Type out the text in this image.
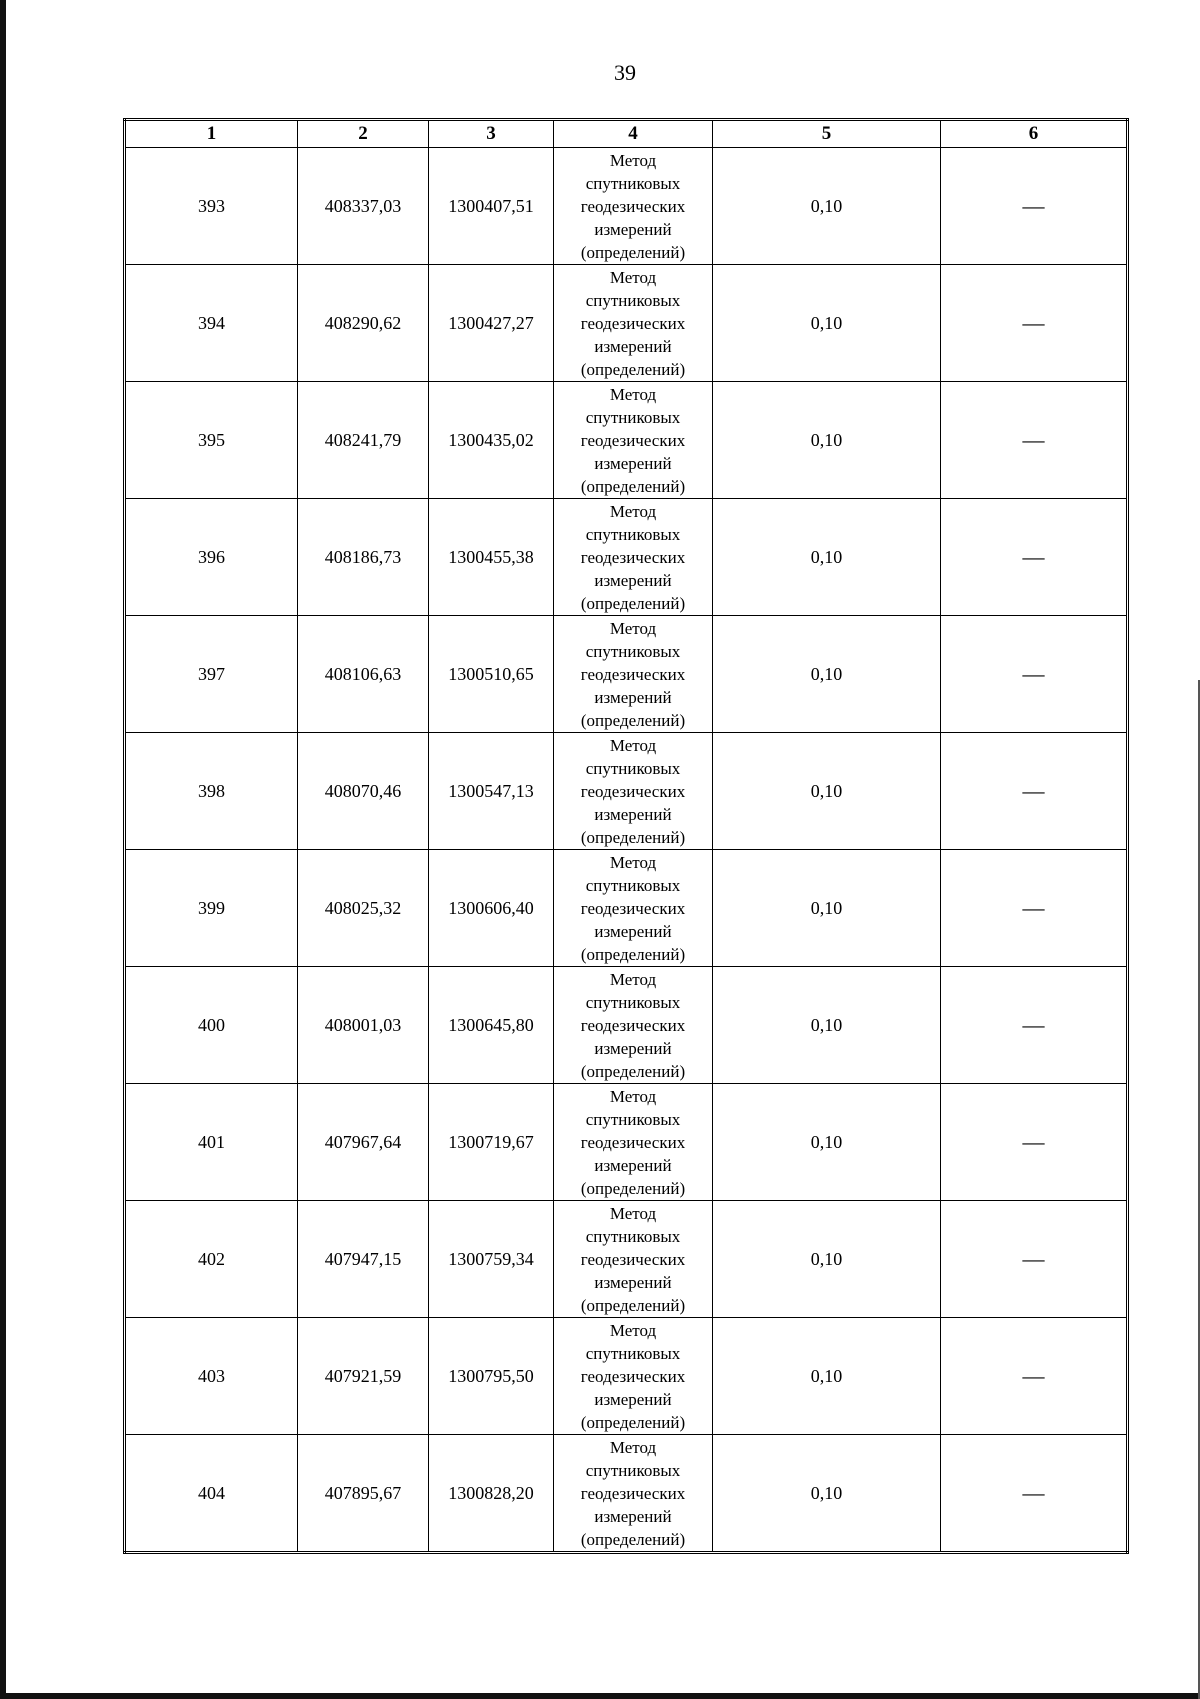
39
1	2	3	4	5	6
393	408337,03	1300407,51	Метод
спутниковых
геодезических
измерений
(определений)	0,10	—
394	408290,62	1300427,27	Метод
спутниковых
геодезических
измерений
(определений)	0,10	—
395	408241,79	1300435,02	Метод
спутниковых
геодезических
измерений
(определений)	0,10	—
396	408186,73	1300455,38	Метод
спутниковых
геодезических
измерений
(определений)	0,10	—
397	408106,63	1300510,65	Метод
спутниковых
геодезических
измерений
(определений)	0,10	—
398	408070,46	1300547,13	Метод
спутниковых
геодезических
измерений
(определений)	0,10	—
399	408025,32	1300606,40	Метод
спутниковых
геодезических
измерений
(определений)	0,10	—
400	408001,03	1300645,80	Метод
спутниковых
геодезических
измерений
(определений)	0,10	—
401	407967,64	1300719,67	Метод
спутниковых
геодезических
измерений
(определений)	0,10	—
402	407947,15	1300759,34	Метод
спутниковых
геодезических
измерений
(определений)	0,10	—
403	407921,59	1300795,50	Метод
спутниковых
геодезических
измерений
(определений)	0,10	—
404	407895,67	1300828,20	Метод
спутниковых
геодезических
измерений
(определений)	0,10	—
